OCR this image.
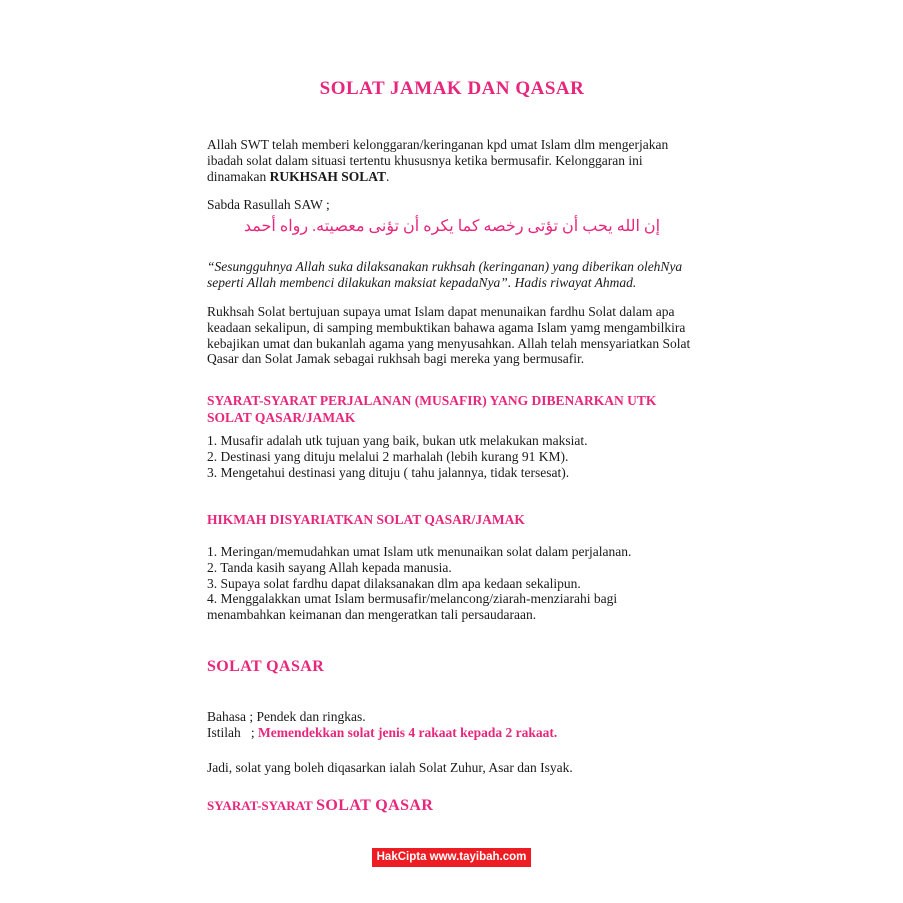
SOLAT JAMAK DAN QASAR
Allah SWT telah memberi kelonggaran/keringanan kpd umat Islam dlm mengerjakan ibadah solat dalam situasi tertentu khususnya ketika bermusafir. Kelonggaran ini dinamakan RUKHSAH SOLAT.
Sabda Rasullah SAW ;
إن الله يحب أن تؤتى رخصه كما يكره أن تؤنى معصيته. رواه أحمد
“Sesungguhnya Allah suka dilaksanakan rukhsah (keringanan) yang diberikan olehNya seperti Allah membenci dilakukan maksiat kepadaNya”. Hadis riwayat Ahmad.
Rukhsah Solat bertujuan supaya umat Islam dapat menunaikan fardhu Solat dalam apa keadaan sekalipun, di samping membuktikan bahawa agama Islam yamg mengambilkira kebajikan umat dan bukanlah agama yang menyusahkan. Allah telah mensyariatkan Solat Qasar dan Solat Jamak sebagai rukhsah bagi mereka yang bermusafir.
SYARAT-SYARAT PERJALANAN (MUSAFIR) YANG DIBENARKAN UTK SOLAT QASAR/JAMAK
1. Musafir adalah utk tujuan yang baik, bukan utk melakukan maksiat.
2. Destinasi yang dituju melalui 2 marhalah (lebih kurang 91 KM).
3. Mengetahui destinasi yang dituju ( tahu jalannya, tidak tersesat).
HIKMAH DISYARIATKAN SOLAT QASAR/JAMAK
1. Meringan/memudahkan umat Islam utk menunaikan solat dalam perjalanan.
2. Tanda kasih sayang Allah kepada manusia.
3. Supaya solat fardhu dapat dilaksanakan dlm apa kedaan sekalipun.
4. Menggalakkan umat Islam bermusafir/melancong/ziarah-menziarahi bagi menambahkan keimanan dan mengeratkan tali persaudaraan.
SOLAT QASAR
Bahasa ; Pendek dan ringkas.
Istilah   ; Memendekkan solat jenis 4 rakaat kepada 2 rakaat.
Jadi, solat yang boleh diqasarkan ialah Solat Zuhur, Asar dan Isyak.
SYARAT-SYARAT SOLAT QASAR
HakCipta www.tayibah.com
